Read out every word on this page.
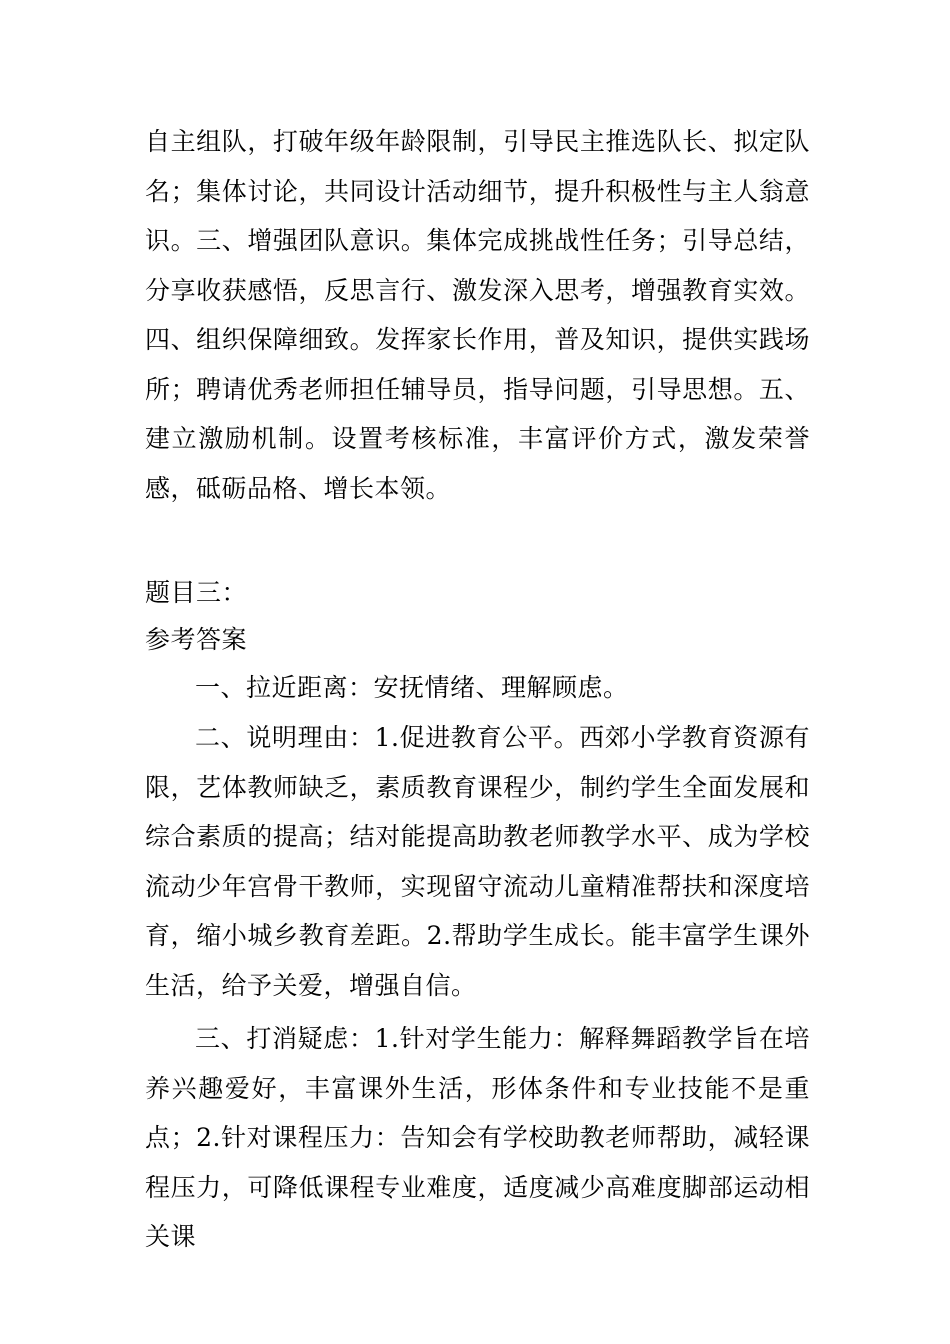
自主组队，打破年级年龄限制，引导民主推选队长、拟定队名；集体讨论，共同设计活动细节，提升积极性与主人翁意识。三、增强团队意识。集体完成挑战性任务；引导总结，分享收获感悟，反思言行、激发深入思考，增强教育实效。四、组织保障细致。发挥家长作用，普及知识，提供实践场所；聘请优秀老师担任辅导员，指导问题，引导思想。五、建立激励机制。设置考核标准，丰富评价方式，激发荣誉感，砥砺品格、增长本领。

题目三：

参考答案

一、拉近距离：安抚情绪、理解顾虑。

二、说明理由：1.促进教育公平。西郊小学教育资源有限，艺体教师缺乏，素质教育课程少，制约学生全面发展和综合素质的提高；结对能提高助教老师教学水平、成为学校流动少年宫骨干教师，实现留守流动儿童精准帮扶和深度培育，缩小城乡教育差距。2.帮助学生成长。能丰富学生课外生活，给予关爱，增强自信。

三、打消疑虑：1.针对学生能力：解释舞蹈教学旨在培养兴趣爱好，丰富课外生活，形体条件和专业技能不是重点；2.针对课程压力：告知会有学校助教老师帮助，减轻课程压力，可降低课程专业难度，适度减少高难度脚部运动相关课
